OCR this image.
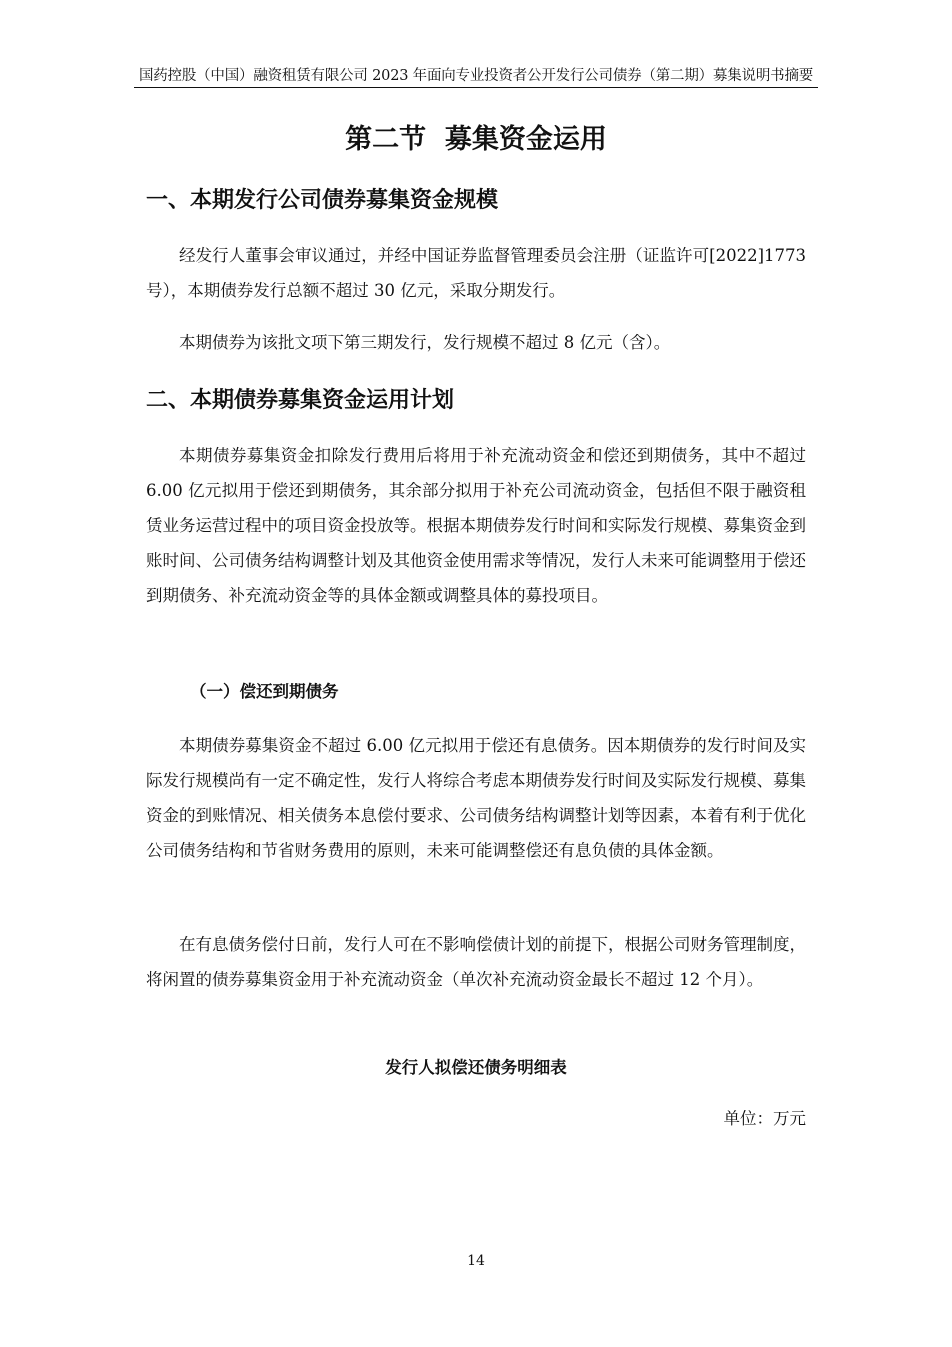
国药控股（中国）融资租赁有限公司 2023 年面向专业投资者公开发行公司债券（第二期）募集说明书摘要
第二节  募集资金运用
一、本期发行公司债券募集资金规模

经发行人董事会审议通过，并经中国证券监督管理委员会注册（证监许可[2022]1773 号），本期债券发行总额不超过 30 亿元，采取分期发行。

本期债券为该批文项下第三期发行，发行规模不超过 8 亿元（含）。

二、本期债券募集资金运用计划

本期债券募集资金扣除发行费用后将用于补充流动资金和偿还到期债务，其中不超过 6.00 亿元拟用于偿还到期债务，其余部分拟用于补充公司流动资金，包括但不限于融资租赁业务运营过程中的项目资金投放等。根据本期债券发行时间和实际发行规模、募集资金到账时间、公司债务结构调整计划及其他资金使用需求等情况，发行人未来可能调整用于偿还到期债务、补充流动资金等的具体金额或调整具体的募投项目。

（一）偿还到期债务

本期债券募集资金不超过 6.00 亿元拟用于偿还有息债务。因本期债券的发行时间及实际发行规模尚有一定不确定性，发行人将综合考虑本期债券发行时间及实际发行规模、募集资金的到账情况、相关债务本息偿付要求、公司债务结构调整计划等因素，本着有利于优化公司债务结构和节省财务费用的原则，未来可能调整偿还有息负债的具体金额。

在有息债务偿付日前，发行人可在不影响偿债计划的前提下，根据公司财务管理制度，将闲置的债券募集资金用于补充流动资金（单次补充流动资金最长不超过 12 个月）。

发行人拟偿还债务明细表
单位：万元
14
